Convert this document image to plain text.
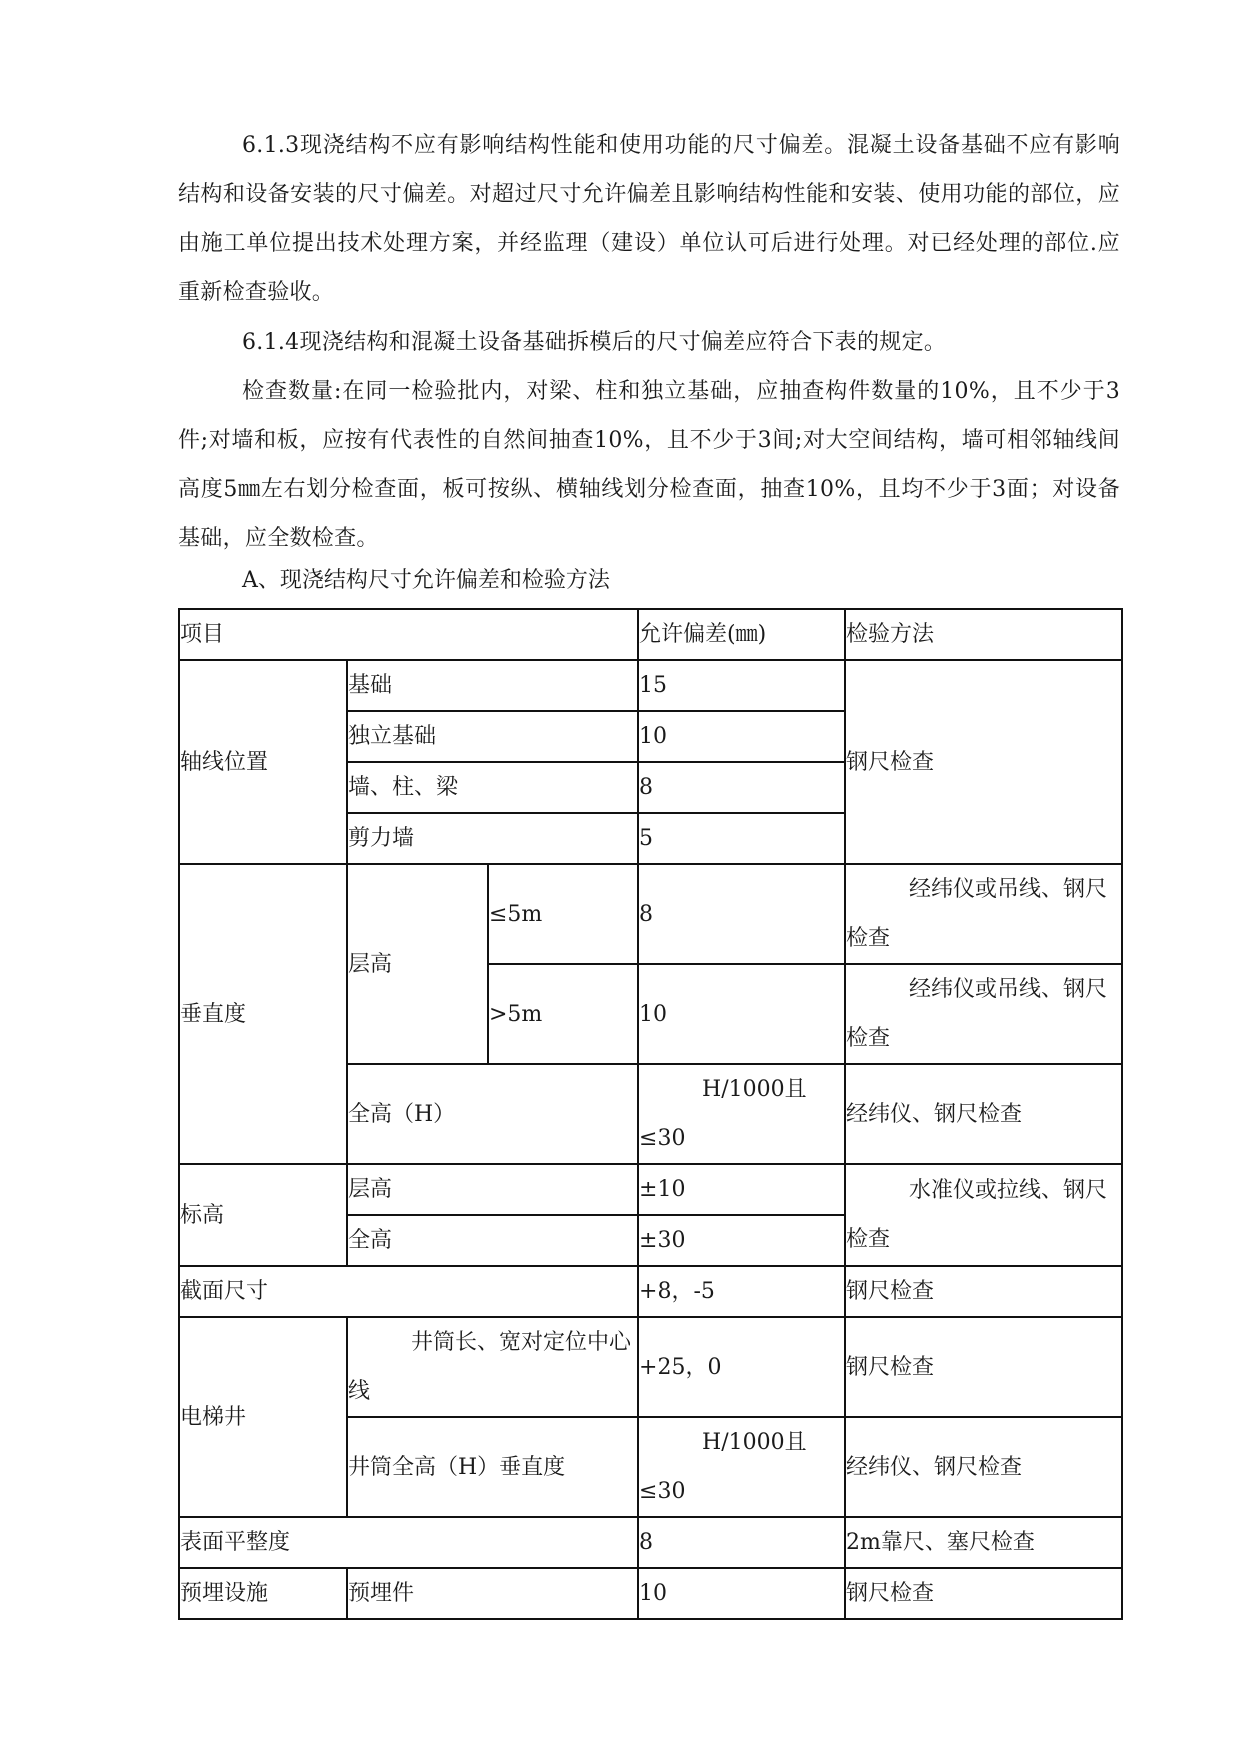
6.1.3现浇结构不应有影响结构性能和使用功能的尺寸偏差。混凝土设备基础不应有影响结构和设备安装的尺寸偏差。对超过尺寸允许偏差且影响结构性能和安装、使用功能的部位，应由施工单位提出技术处理方案，并经监理（建设）单位认可后进行处理。对已经处理的部位.应重新检查验收。

6.1.4现浇结构和混凝土设备基础拆模后的尺寸偏差应符合下表的规定。

检查数量:在同一检验批内，对梁、柱和独立基础，应抽查构件数量的10%，且不少于3件;对墙和板，应按有代表性的自然间抽查10%，且不少于3间;对大空间结构，墙可相邻轴线间高度5㎜左右划分检查面，板可按纵、横轴线划分检查面，抽查10%，且均不少于3面；对设备基础，应全数检查。

A、现浇结构尺寸允许偏差和检验方法

项目			允许偏差(㎜)	检验方法
轴线位置	基础		15	钢尺检查
	独立基础		10	
	墙、柱、梁		8	
	剪力墙		5	
垂直度	层高	≤5m	8	经纬仪或吊线、钢尺检查

		>5m	10	经纬仪或吊线、钢尺检查

	全高（H）		H/1000且≤30	经纬仪、钢尺检查
标高	层高		±10	水准仪或拉线、钢尺检查

	全高		±30	
截面尺寸			+8，-5	钢尺检查
电梯井	井筒长、宽对定位中心线		+25，0	钢尺检查
	井筒全高（H）垂直度		H/1000且≤30	经纬仪、钢尺检查
表面平整度			8	2m靠尺、塞尺检查
预埋设施	预埋件		10	钢尺检查
